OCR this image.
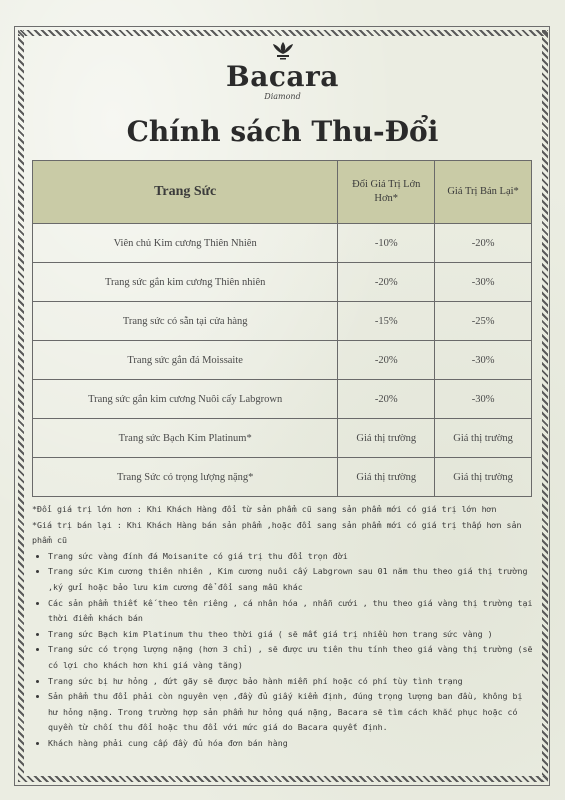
Bacara
Diamond
Chính sách Thu-Đổi
Trang Sức	Đổi Giá Trị Lớn Hơn*	Giá Trị Bán Lại*
Viên chủ Kim cương Thiên Nhiên	-10%	-20%
Trang sức gắn kim cương Thiên nhiên	-20%	-30%
Trang sức có sẵn tại cửa hàng	-15%	-25%
Trang sức gắn đá Moissaite	-20%	-30%
Trang sức gắn kim cương Nuôi cấy Labgrown	-20%	-30%
Trang sức Bạch Kim Platinum*	Giá thị trường	Giá thị trường
Trang Sức có trọng lượng nặng*	Giá thị trường	Giá thị trường

*Đổi giá trị lớn hơn : Khi Khách Hàng đổi từ sản phẩm cũ sang sản phẩm mới có giá trị lớn hơn

*Giá trị bán lại : Khi Khách Hàng bán sản phẩm ,hoặc đổi sang sản phẩm mới có giá trị thấp hơn sản phẩm cũ

• Trang sức vàng đính đá Moisanite có giá trị thu đổi trọn đời
• Trang sức Kim cương thiên nhiên , Kim cương nuôi cấy Labgrown sau 01 năm thu theo giá thị trường ,ký gửi hoặc bảo lưu kim cương để đổi sang mẫu khác
• Các sản phẩm thiết kế theo tên riêng , cá nhân hóa , nhẫn cưới , thu theo giá vàng thị trường tại thời điểm khách bán
• Trang sức Bạch kim Platinum thu theo thời giá ( sẽ mất giá trị nhiều hơn trang sức vàng )
• Trang sức có trọng lượng nặng (hơn 3 chỉ) , sẽ được ưu tiên thu tính theo giá vàng thị trường (sẽ có lợi cho khách hơn khi giá vàng tăng)
• Trang sức bị hư hỏng , đứt gãy sẽ được bảo hành miễn phí hoặc có phí tùy tình trạng
• Sản phẩm thu đổi phải còn nguyên vẹn ,đầy đủ giấy kiểm định, đúng trọng lượng ban đầu, không bị hư hỏng nặng. Trong trường hợp sản phẩm hư hỏng quá nặng, Bacara sẽ tìm cách khắc phục hoặc có quyền từ chối thu đổi hoặc thu đổi với mức giá do Bacara quyết định.
• Khách hàng phải cung cấp đầy đủ hóa đơn bán hàng
